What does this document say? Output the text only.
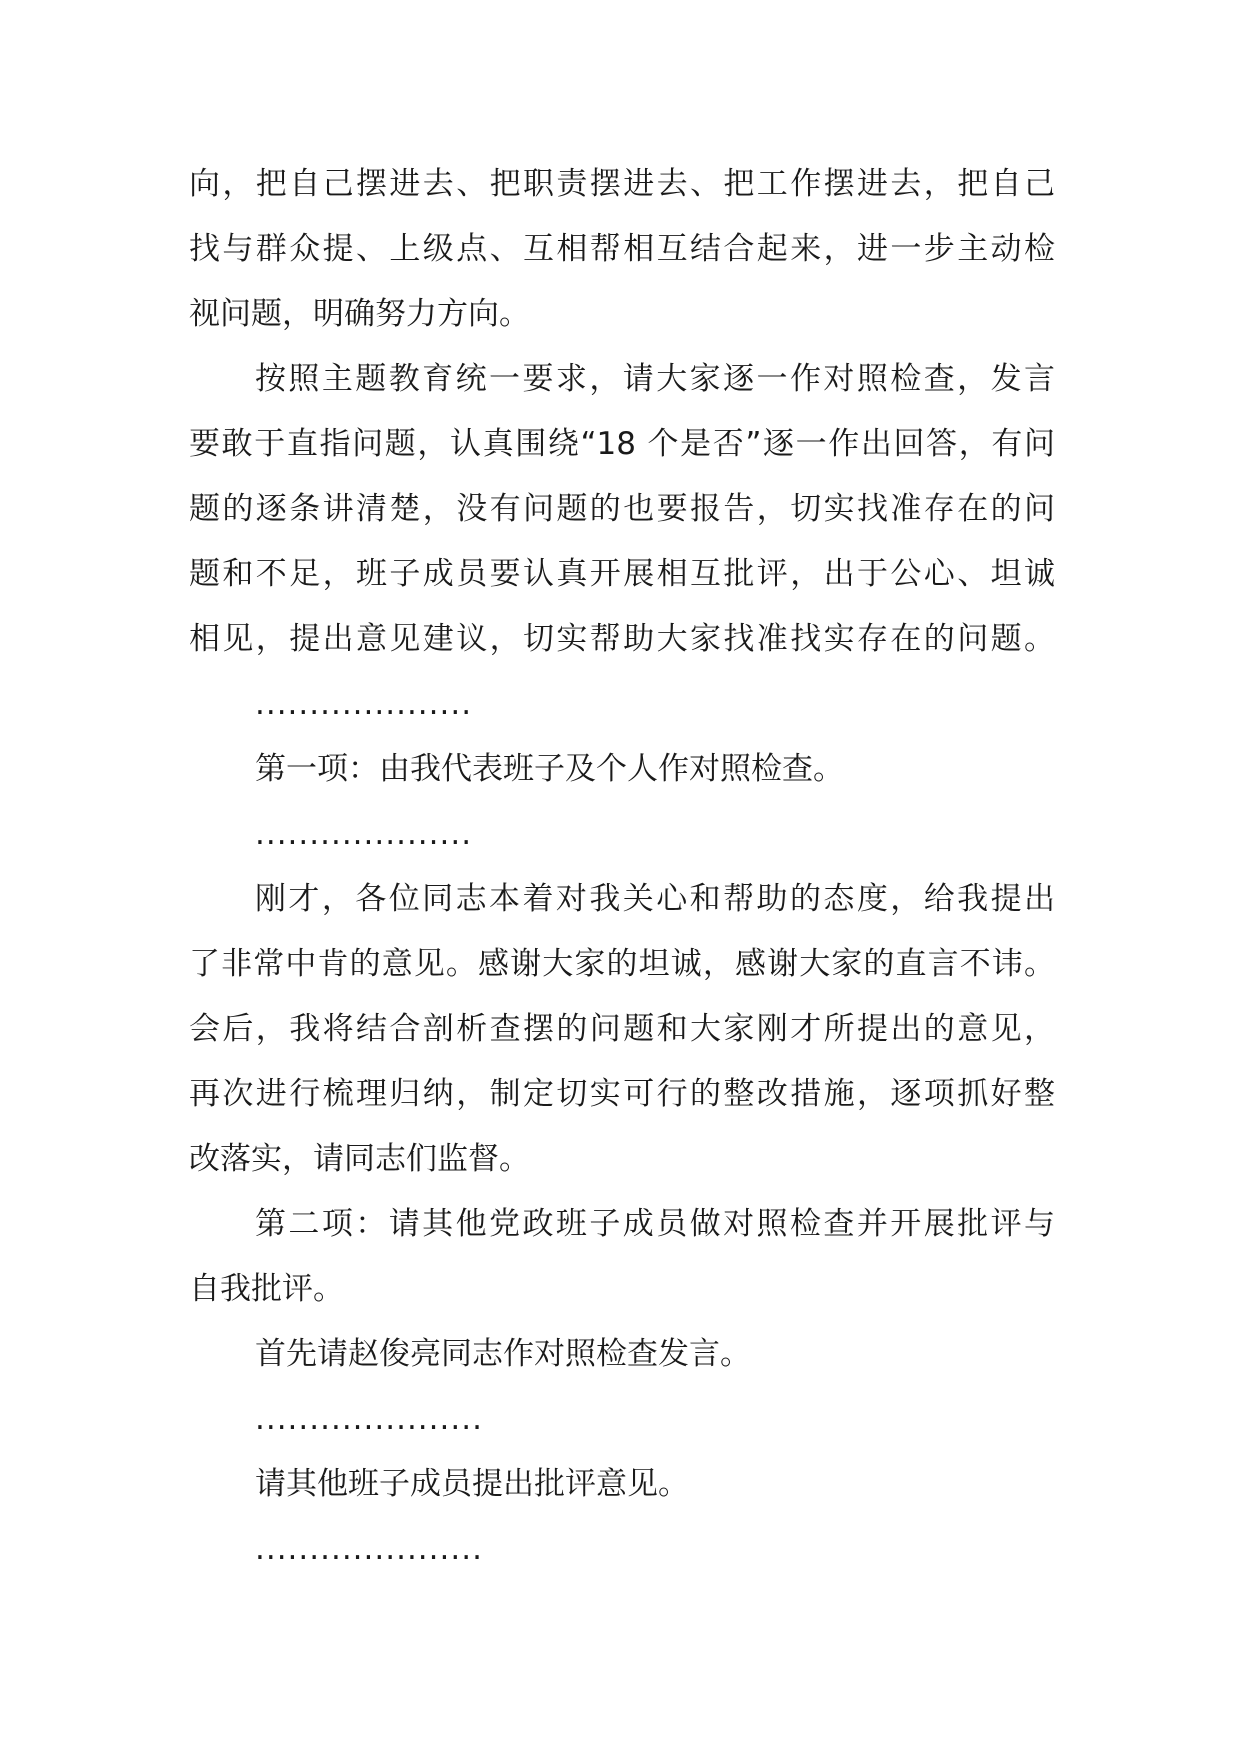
向，把自己摆进去、把职责摆进去、把工作摆进去，把自己
找与群众提、上级点、互相帮相互结合起来，进一步主动检
视问题，明确努力方向。
按照主题教育统一要求，请大家逐一作对照检查，发言
要敢于直指问题，认真围绕“18 个是否”逐一作出回答，有问
题的逐条讲清楚，没有问题的也要报告，切实找准存在的问
题和不足，班子成员要认真开展相互批评，出于公心、坦诚
相见，提出意见建议，切实帮助大家找准找实存在的问题。
....................
第一项：由我代表班子及个人作对照检查。
....................
刚才，各位同志本着对我关心和帮助的态度，给我提出
了非常中肯的意见。感谢大家的坦诚，感谢大家的直言不讳。
会后，我将结合剖析查摆的问题和大家刚才所提出的意见，
再次进行梳理归纳，制定切实可行的整改措施，逐项抓好整
改落实，请同志们监督。
第二项：请其他党政班子成员做对照检查并开展批评与
自我批评。
首先请赵俊亮同志作对照检查发言。
.....................
请其他班子成员提出批评意见。
.....................
